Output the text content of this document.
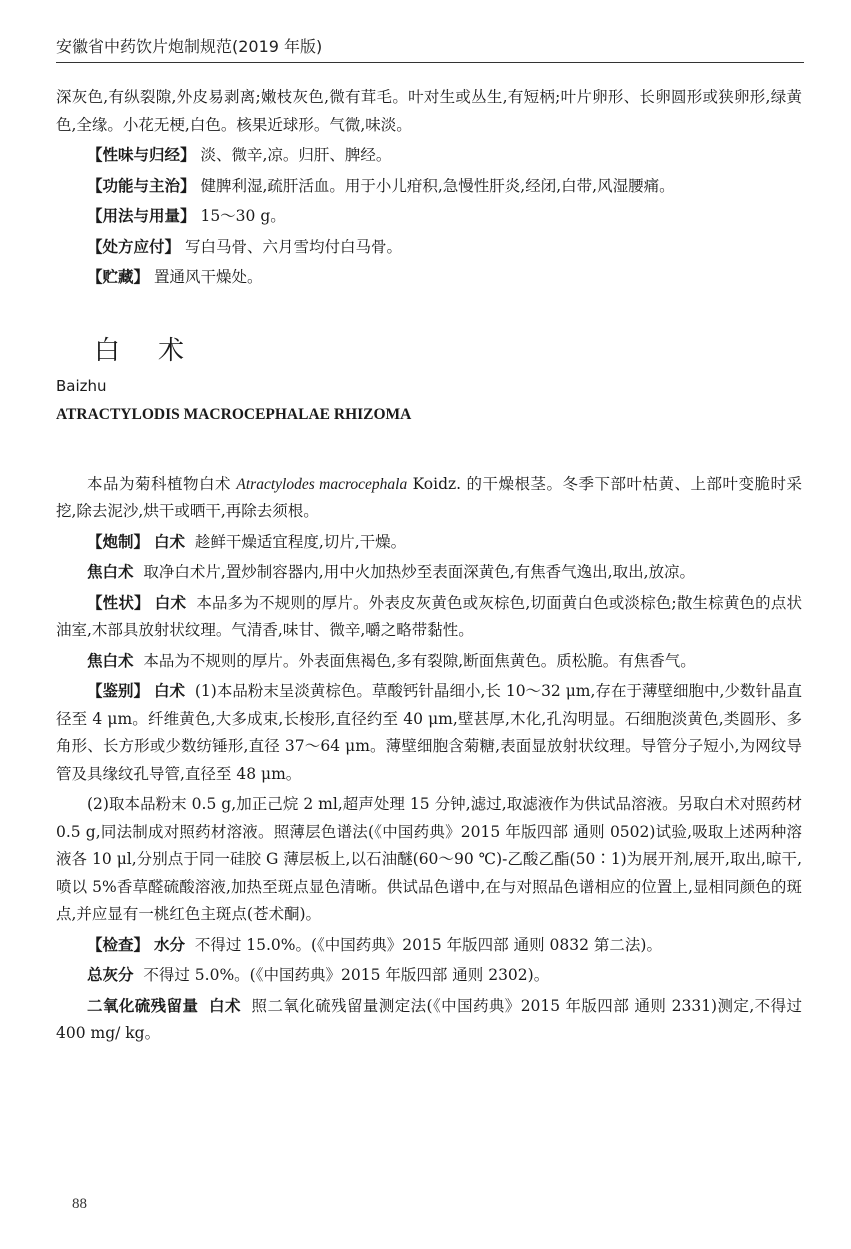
安徽省中药饮片炮制规范(2019 年版)

深灰色,有纵裂隙,外皮易剥离;嫩枝灰色,微有茸毛。叶对生或丛生,有短柄;叶片卵形、长卵圆形或狭卵形,绿黄色,全缘。小花无梗,白色。核果近球形。气微,味淡。

【性味与归经】 淡、微辛,凉。归肝、脾经。

【功能与主治】 健脾利湿,疏肝活血。用于小儿疳积,急慢性肝炎,经闭,白带,风湿腰痛。

【用法与用量】 15～30 g。

【处方应付】 写白马骨、六月雪均付白马骨。

【贮藏】 置通风干燥处。

白术

Baizhu

ATRACTYLODIS MACROCEPHALAE RHIZOMA

本品为菊科植物白术 Atractylodes macrocephala Koidz. 的干燥根茎。冬季下部叶枯黄、上部叶变脆时采挖,除去泥沙,烘干或晒干,再除去须根。

【炮制】 白术 趁鲜干燥适宜程度,切片,干燥。

焦白术 取净白术片,置炒制容器内,用中火加热炒至表面深黄色,有焦香气逸出,取出,放凉。

【性状】 白术 本品多为不规则的厚片。外表皮灰黄色或灰棕色,切面黄白色或淡棕色;散生棕黄色的点状油室,木部具放射状纹理。气清香,味甘、微辛,嚼之略带黏性。

焦白术 本品为不规则的厚片。外表面焦褐色,多有裂隙,断面焦黄色。质松脆。有焦香气。

【鉴别】 白术 (1)本品粉末呈淡黄棕色。草酸钙针晶细小,长 10～32 μm,存在于薄壁细胞中,少数针晶直径至 4 μm。纤维黄色,大多成束,长梭形,直径约至 40 μm,壁甚厚,木化,孔沟明显。石细胞淡黄色,类圆形、多角形、长方形或少数纺锤形,直径 37～64 μm。薄壁细胞含菊糖,表面显放射状纹理。导管分子短小,为网纹导管及具缘纹孔导管,直径至 48 μm。

(2)取本品粉末 0.5 g,加正己烷 2 ml,超声处理 15 分钟,滤过,取滤液作为供试品溶液。另取白术对照药材 0.5 g,同法制成对照药材溶液。照薄层色谱法(《中国药典》2015 年版四部 通则 0502)试验,吸取上述两种溶液各 10 μl,分别点于同一硅胶 G 薄层板上,以石油醚(60～90 ℃)-乙酸乙酯(50∶1)为展开剂,展开,取出,晾干,喷以 5%香草醛硫酸溶液,加热至斑点显色清晰。供试品色谱中,在与对照品色谱相应的位置上,显相同颜色的斑点,并应显有一桃红色主斑点(苍术酮)。

【检查】 水分 不得过 15.0%。(《中国药典》2015 年版四部 通则 0832 第二法)。

总灰分 不得过 5.0%。(《中国药典》2015 年版四部 通则 2302)。

二氧化硫残留量 白术 照二氧化硫残留量测定法(《中国药典》2015 年版四部 通则 2331)测定,不得过 400 mg/ kg。

88
